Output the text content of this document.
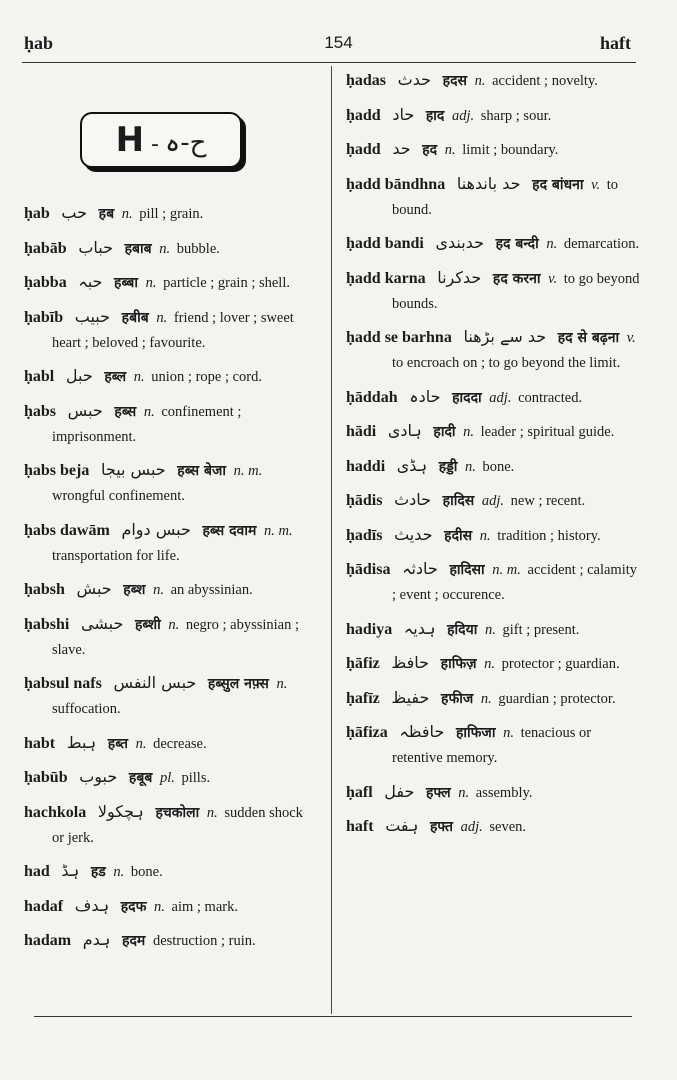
ḥab	154	haft
H - ح-ہ
ḥab حب हब n. pill ; grain.
ḥabāb حباب हबाब n. bubble.
ḥabba حبہ हब्बा n. particle ; grain ; shell.
ḥabīb حبیب हबीब n. friend ; lover ; sweet heart ; beloved ; favourite.
ḥabl حبل हब्ल n. union ; rope ; cord.
ḥabs حبس हब्स n. confinement ; imprisonment.
ḥabs beja حبس بیجا हब्स बेजा n. m. wrongful confinement.
ḥabs dawām حبس دوام हब्स दवाम n. m. transportation for life.
ḥabsh حبش हब्श n. an abyssinian.
ḥabshi حبشی हब्शी n. negro ; abyssinian ; slave.
ḥabsul nafs حبس النفس हब्सुल नफ़्स n. suffocation.
habt ہبط हब्त n. decrease.
ḥabūb حبوب हबूब pl. pills.
hachkola ہچکولا हचकोला n. sudden shock or jerk.
had ہڈ हड n. bone.
hadaf ہدف हदफ n. aim ; mark.
hadam ہدم हदम destruction ; ruin.
ḥadas حدث हदस n. accident ; novelty.
ḥadd حاد हाद adj. sharp ; sour.
ḥadd حد हद n. limit ; boundary.
ḥadd bāndhna حد باندھنا हद बांधना v. to bound.
ḥadd bandi حدبندی हद बन्दी n. demarcation.
ḥadd karna حدکرنا हद करना v. to go beyond bounds.
ḥadd se barhna حد سے بڑھنا हद से बढ़ना v. to encroach on ; to go beyond the limit.
ḥāddah حادہ हाददा adj. contracted.
hādi ہادی हादी n. leader ; spiritual guide.
haddi ہڈی हड्डी n. bone.
ḥādis حادث हादिस adj. new ; recent.
ḥadīs حدیث हदीस n. tradition ; history.
ḥādisa حادثہ हादिसा n. m. accident ; calamity ; event ; occurence.
hadiya ہدیہ हदिया n. gift ; present.
ḥāfiz حافظ हाफिज़ n. protector ; guardian.
ḥafīz حفیظ हफीज n. guardian ; protector.
ḥāfiza حافظہ हाफिजा n. tenacious or retentive memory.
ḥafl حفل हफ्ल n. assembly.
haft ہفت हफ्त adj. seven.
